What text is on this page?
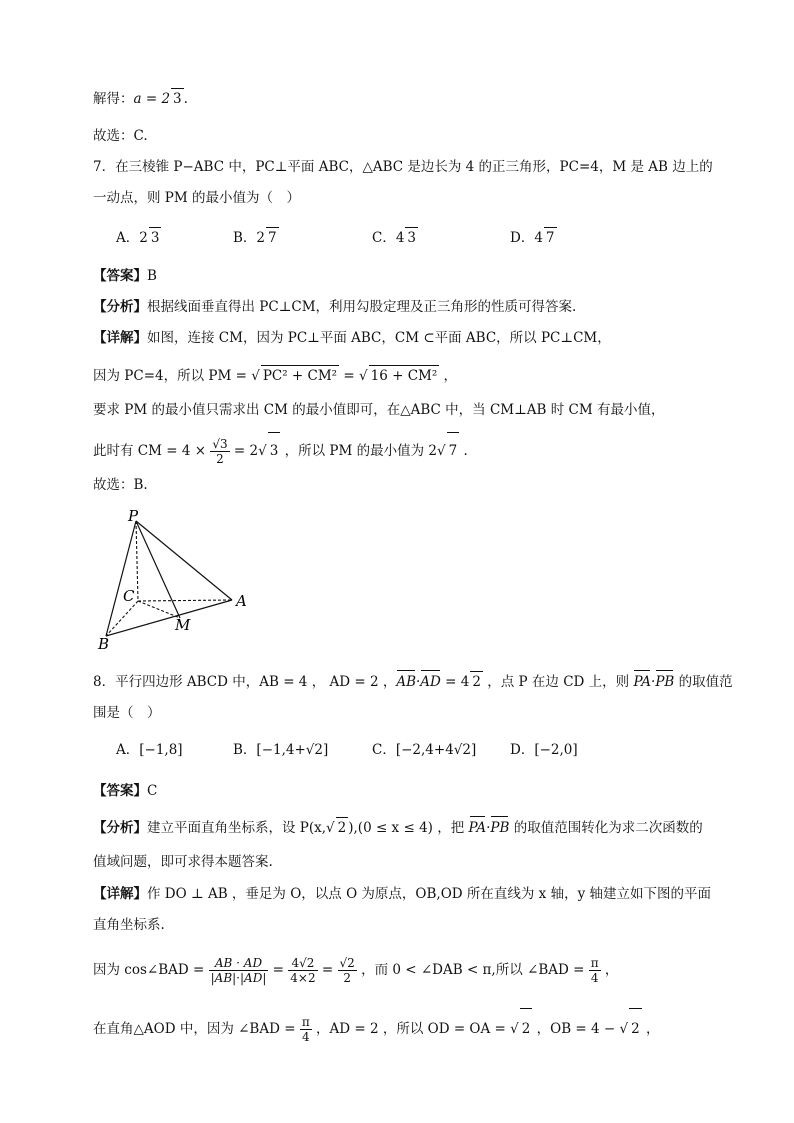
解得：a = 2 3 .
故选：C.
7．在三棱锥 P−ABC 中，PC⊥平面 ABC，△ABC 是边长为 4 的正三角形，PC=4，M 是 AB 边上的
一动点，则 PM 的最小值为（　）
A．2 3	B．2 7	C．4 3	D．4 7
【答案】B
【分析】根据线面垂直得出 PC⊥CM，利用勾股定理及正三角形的性质可得答案.
【详解】如图，连接 CM，因为 PC⊥平面 ABC，CM ⊂平面 ABC，所以 PC⊥CM，
因为 PC=4，所以 PM = √ PC² + CM² = √ 16 + CM² ，
要求 PM 的最小值只需求出 CM 的最小值即可，在△ABC 中，当 CM⊥AB 时 CM 有最小值，
此时有 CM = $4 \times \frac{√3}{2} = 2√$ 3 ，所以 PM 的最小值为 2√ 7 .
故选：B.
P
C	A
B
M
8．平行四边形 ABCD 中，AB = 4 ， AD = 2 ，AB·AD = 4 2 ，点 P 在边 CD 上，则 PA·PB 的取值范
围是（　）
A．[−1,8]	B．[−1,4+√2]	C．[−2,4+4√2] D．[−2,0]
【答案】C
【分析】建立平面直角坐标系，设 P(x,√ 2 ),(0 ≤ x ≤ 4) ，把 PA·PB 的取值范围转化为求二次函数的
值域问题，即可求得本题答案.
【详解】作 DO ⊥ AB ，垂足为 O，以点 O 为原点，OB,OD 所在直线为 x 轴，y 轴建立如下图的平面
直角坐标系.
因为 cos∠BAD = $\frac{AB \cdot AD}{|AB|\cdot|AD|} = \frac{4√2}{4\times 2} = \frac{√2}{2}$ ，而 0 < ∠DAB < π,所以 ∠BAD = $\frac{\pi}{4}$ ，
在直角△AOD 中，因为 ∠BAD = $\frac{\pi}{4}$ ，AD = 2 ，所以 OD = OA = √ 2 ，OB = 4 − √ 2 ，
